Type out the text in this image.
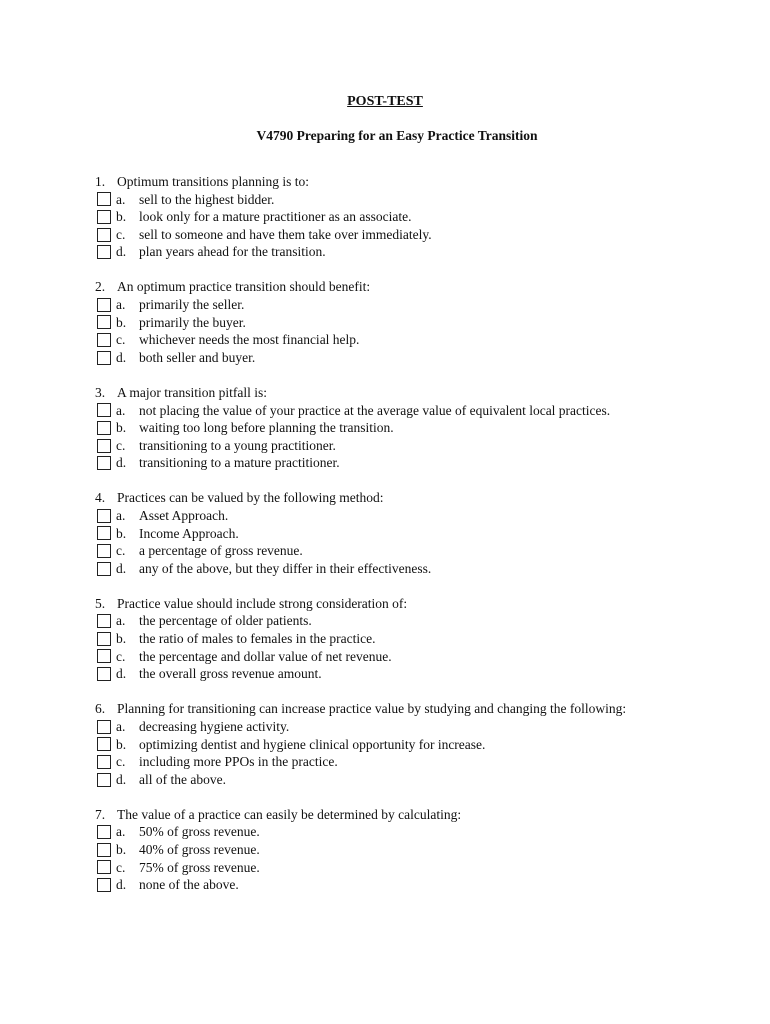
POST-TEST
V4790 Preparing for an Easy Practice Transition
1. Optimum transitions planning is to:
a.	sell to the highest bidder.
b. look only for a mature practitioner as an associate.
c.	sell to someone and have them take over immediately.
d. plan years ahead for the transition.
2. An optimum practice transition should benefit:
a.	primarily the seller.
b. primarily the buyer.
c.	whichever needs the most financial help.
d. both seller and buyer.
3. A major transition pitfall is:
a.	not placing the value of your practice at the average value of equivalent local practices.
b. waiting too long before planning the transition.
c.	transitioning to a young practitioner.
d. transitioning to a mature practitioner.
4. Practices can be valued by the following method:
a.	Asset Approach.
b. Income Approach.
c.	a percentage of gross revenue.
d. any of the above, but they differ in their effectiveness.
5. Practice value should include strong consideration of:
a.	the percentage of older patients.
b. the ratio of males to females in the practice.
c.	the percentage and dollar value of net revenue.
d. the overall gross revenue amount.
6. Planning for transitioning can increase practice value by studying and changing the following:
a.	decreasing hygiene activity.
b. optimizing dentist and hygiene clinical opportunity for increase.
c.	including more PPOs in the practice.
d. all of the above.
7. The value of a practice can easily be determined by calculating:
a.	50% of gross revenue.
b. 40% of gross revenue.
c.	75% of gross revenue.
d. none of the above.
